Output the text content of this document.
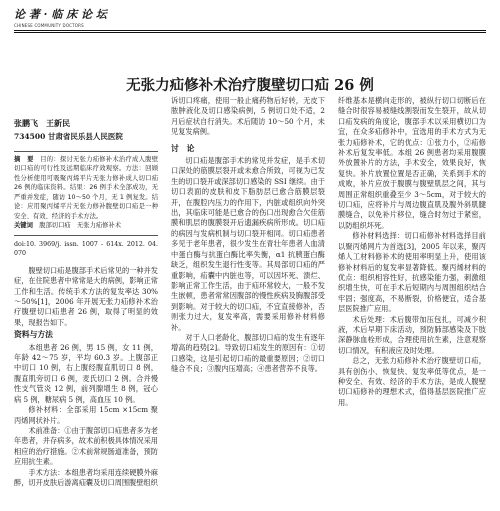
论 著 · 临 床 论 坛
CHINESE COMMUNITY DOCTORS
无张力疝修补术治疗腹壁切口疝 26 例
张鹏飞　王新民
734500 甘肃省民乐县人民医院
摘　要　 目的：探讨无张力疝修补术治疗成人腹壁切口疝的可行性及远期临床疗效观察。方法：回顾性分析使用可吸聚丙烯平片无张力修补成人切口疝 26 例的临床资料。结果：26 例手术全部成功，无严重并发症，随访 10～50 个月，无 1 例复发。结论：应用聚丙烯平片无张力修补腹壁切口疝是一种安全、有效、经济的手术方法。
关键词　 腹部切口疝　无张力疝修补术
doi:10. 3969/j. issn. 1007 - 614x. 2012. 04. 070

腹壁切口疝是腹部手术后常见的一种并发症，在住院患者中常常是大的病例，影响正常工作和生活。传统手术方法的复发率达 30%～50%[1]，2006 年开展无张力疝修补术治疗腹壁切口疝患者 26 例，取得了明显的效果，现报告如下。

资料与方法

本组患者 26 例，男 15 例，女 11 例，年龄 42～75 岁，平均 60.3 岁。上腹部正中切口 10 例，右上腹经腹直肌切口 8 例，腹直肌旁切口 6 例，麦氏切口 2 例。合并慢性支气管炎 12 例，前列腺增生 8 例，冠心病 5 例，糖尿病 5 例，高血压 10 例。

修补材料：全部采用 15cm ×15cm 聚丙烯网状补片。

术前准备：①由于腹部切口疝患者多为老年患者，并存病多，故术前积极具体情况采用相应的治疗措施。②术前常规肠道准备，预防应用抗生素。

手术方法：本组患者均采用连续硬膜外麻醉，切开皮肤后游离疝囊及切口周围腹壁组织

诉切口疼痛，使用一般止痛药物后好转，无皮下脓肿液化及切口感染病例，5 例切口处不适，2 月后症状自行消失。术后随访 10～50 个月，未见复发病例。

讨　论

切口疝是腹部手术的常见并发症，是手术切口深处的筋膜层裂开或未愈合所致，可视为已发生的切口裂开或深部切口感染的 SSI 继续。由于切口表面的皮肤和皮下脂肪层已愈合筋膜层裂开，在腹腔内压力的作用下，内脏或组织向外突出，其临床可能是已愈合的伤口出现愈合欠佳筋膜和肌层的腹膜裂开后遗漏疾病所形成。切口疝的病因与发病机制与切口裂开相同。切口疝患者多见于老年患者，很少发生在青壮年患者人血清中蛋白酶与抗蛋白酶比率失衡，α1 抗胰蛋白酶缺乏，组织发生退行性变等。其局部切口疝的严重影响，疝囊中内脏也等，可以因坏死、溃烂、影响正常工作生活，由于疝环常较大，一般不发生嵌顿，患者常常因腹部的慢性疾病及胸腹部受到影响。对于较大的切口疝，不宜直接修补，否则张力过大，复发率高，需要采用修补材料修补。

对于人口老龄化，腹部切口疝的发生有逐年增高的趋势[2]。导致切口疝发生的原因有：①切口感染，这是引起切口疝的最重要原因；②切口缝合不良；③腹内压增高；④患者营养不良等。

纤维基本是横向走形的，被纵行切口切断后在缝合时很容易被缝线割裂而发生裂开，故从切口疝发病的角度论，腹部手术以采用横切口为宜，在众多疝修补中，宜选用的手术方式为无张力疝修补术，它的优点：①张力小，②疝修补术后复发率低。本组 26 例患者均采用腹膜外放置补片的方法，手术安全，效果良好，恢复快。补片放置位置是否正确，关系到手术的成败，补片应放于腹膜与腹壁肌层之间，其与周围正常组织重叠至少 3～5cm，对于较大的切口疝，应将补片与周边腹直肌及腹外斜肌腱膜缝合，以免补片移位，缝合时勿过于紧密，以防组织坏死。

修补材料选择：切口疝修补材料选择目前以聚丙烯网片为首选[3]，2005 年以来，聚丙烯人工材料修补术的使用率明显上升，使用该修补材料后的复发率显著降低。聚丙烯材料的优点：组织相容性好，抗感染能力强，刺激组织增生快，可在手术后短期内与周围组织结合牢固；强度高，不易断裂，价格便宜，适合基层医院推广应用。

术后处理：术后腹带加压包扎，可减少积液，术后早期下床活动，预防肺部感染及下肢深静脉血栓形成，合理使用抗生素，注意观察切口情况，有积液应及时处理。

总之，无张力疝修补术治疗腹壁切口疝，具有创伤小、恢复快、复发率低等优点，是一种安全、有效、经济的手术方法，是成人腹壁切口疝修补的理想术式，值得基层医院推广应用。
